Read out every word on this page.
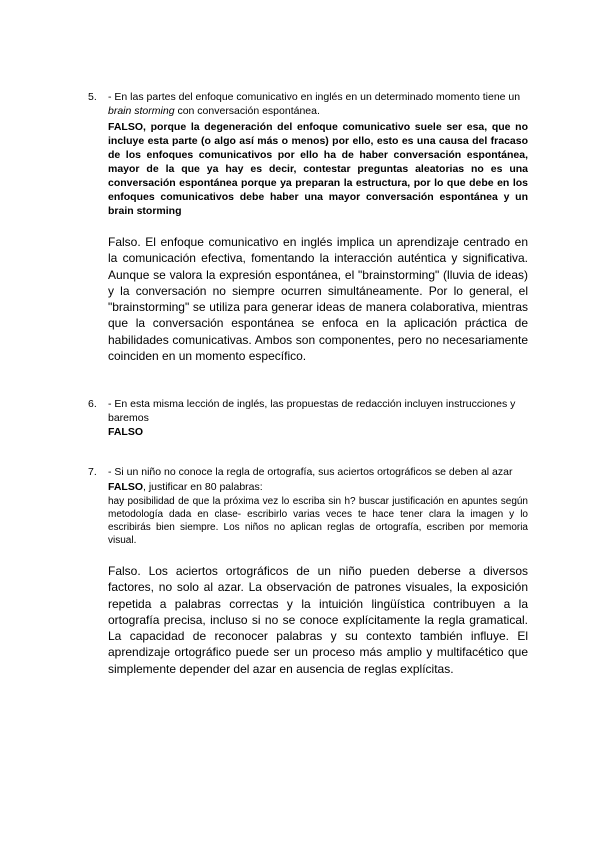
5. - En las partes del enfoque comunicativo en inglés en un determinado momento tiene un brain storming con conversación espontánea.
FALSO, porque la degeneración del enfoque comunicativo suele ser esa, que no incluye esta parte (o algo así más o menos) por ello, esto es una causa del fracaso de los enfoques comunicativos por ello ha de haber conversación espontánea, mayor de la que ya hay es decir, contestar preguntas aleatorias no es una conversación espontánea porque ya preparan la estructura, por lo que debe en los enfoques comunicativos debe haber una mayor conversación espontánea y un brain storming
Falso. El enfoque comunicativo en inglés implica un aprendizaje centrado en la comunicación efectiva, fomentando la interacción auténtica y significativa. Aunque se valora la expresión espontánea, el "brainstorming" (lluvia de ideas) y la conversación no siempre ocurren simultáneamente. Por lo general, el "brainstorming" se utiliza para generar ideas de manera colaborativa, mientras que la conversación espontánea se enfoca en la aplicación práctica de habilidades comunicativas. Ambos son componentes, pero no necesariamente coinciden en un momento específico.
6. - En esta misma lección de inglés, las propuestas de redacción incluyen instrucciones y baremos
FALSO
7. - Si un niño no conoce la regla de ortografía, sus aciertos ortográficos se deben al azar
FALSO, justificar en 80 palabras:
hay posibilidad de que la próxima vez lo escriba sin h? buscar justificación en apuntes según metodología dada en clase- escribirlo varias veces te hace tener clara la imagen y lo escribirás bien siempre. Los niños no aplican reglas de ortografía, escriben por memoria visual.
Falso. Los aciertos ortográficos de un niño pueden deberse a diversos factores, no solo al azar. La observación de patrones visuales, la exposición repetida a palabras correctas y la intuición lingüística contribuyen a la ortografía precisa, incluso si no se conoce explícitamente la regla gramatical. La capacidad de reconocer palabras y su contexto también influye. El aprendizaje ortográfico puede ser un proceso más amplio y multifacético que simplemente depender del azar en ausencia de reglas explícitas.
